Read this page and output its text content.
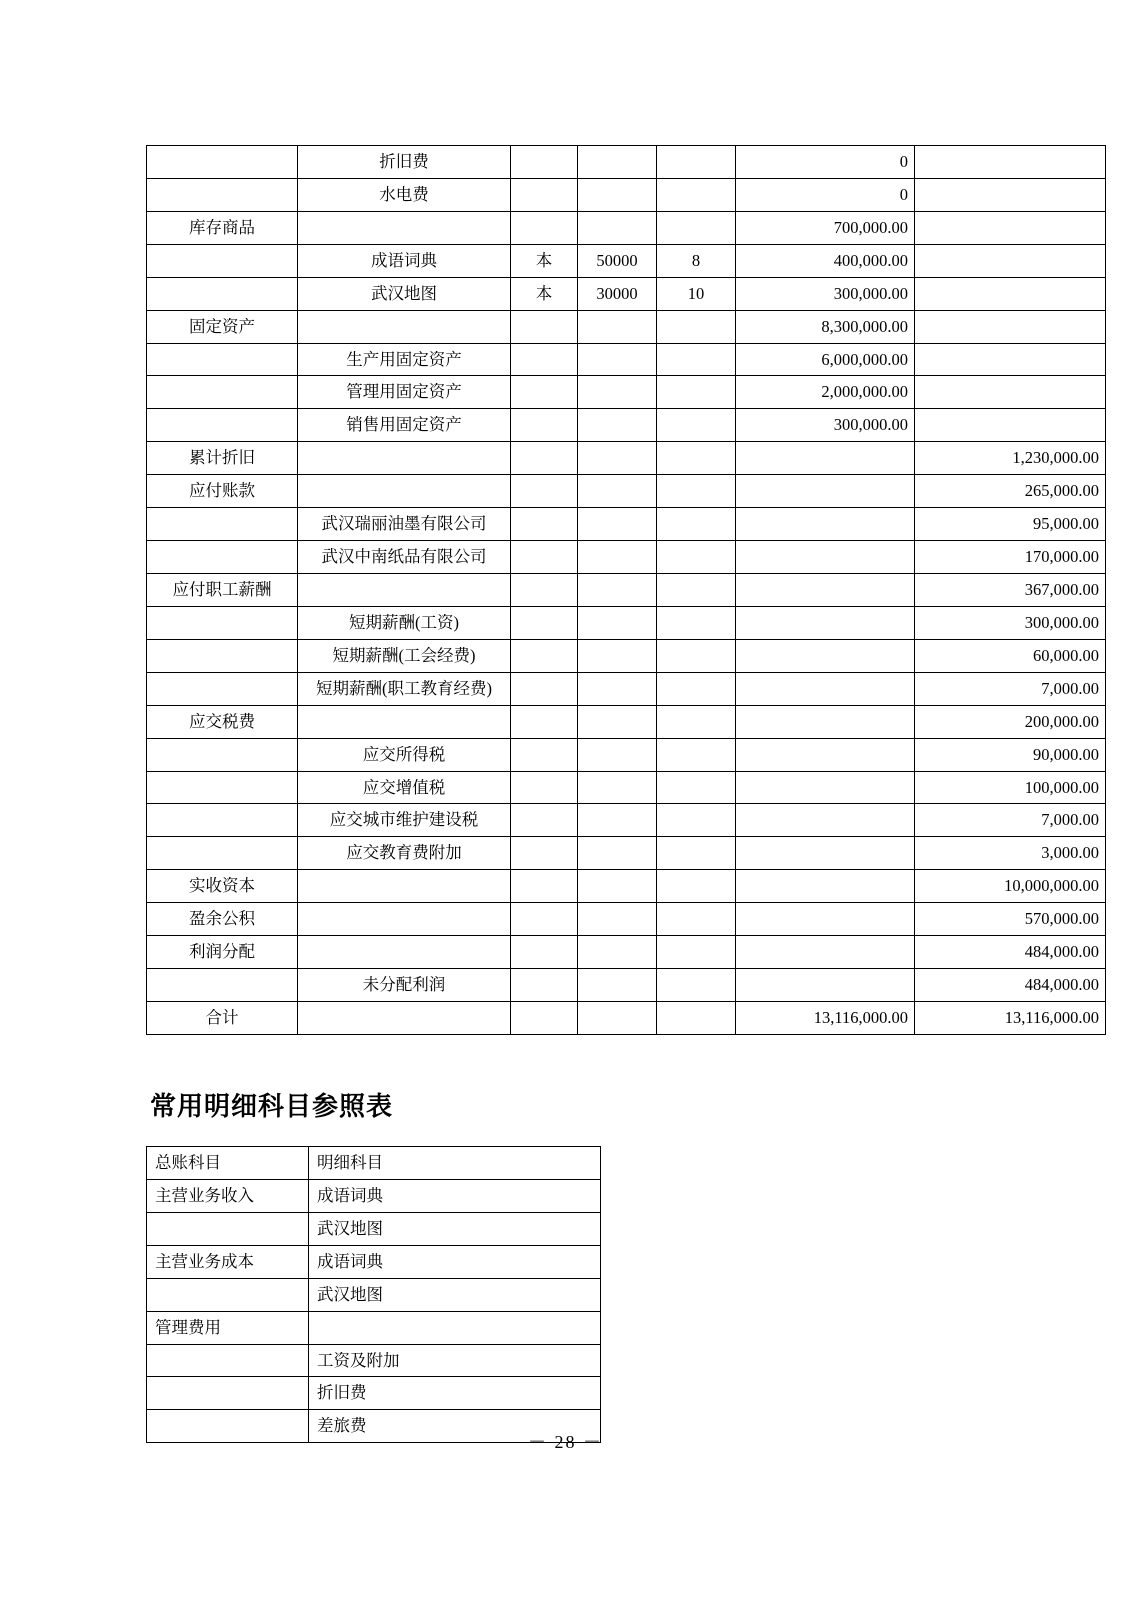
	折旧费				0	
	水电费				0	
库存商品					700,000.00	
	成语词典	本	50000	8	400,000.00	
	武汉地图	本	30000	10	300,000.00	
固定资产					8,300,000.00	
	生产用固定资产				6,000,000.00	
	管理用固定资产				2,000,000.00	
	销售用固定资产				300,000.00	
累计折旧						1,230,000.00
应付账款						265,000.00
	武汉瑞丽油墨有限公司					95,000.00
	武汉中南纸品有限公司					170,000.00
应付职工薪酬						367,000.00
	短期薪酬(工资)					300,000.00
	短期薪酬(工会经费)					60,000.00
	短期薪酬(职工教育经费)					7,000.00
应交税费						200,000.00
	应交所得税					90,000.00
	应交增值税					100,000.00
	应交城市维护建设税					7,000.00
	应交教育费附加					3,000.00
实收资本						10,000,000.00
盈余公积						570,000.00
利润分配						484,000.00
	未分配利润					484,000.00
合计					13,116,000.00	13,116,000.00
常用明细科目参照表
总账科目	明细科目
主营业务收入	成语词典
	武汉地图
主营业务成本	成语词典
	武汉地图
管理费用	
	工资及附加
	折旧费
	差旅费
－ 28 －
